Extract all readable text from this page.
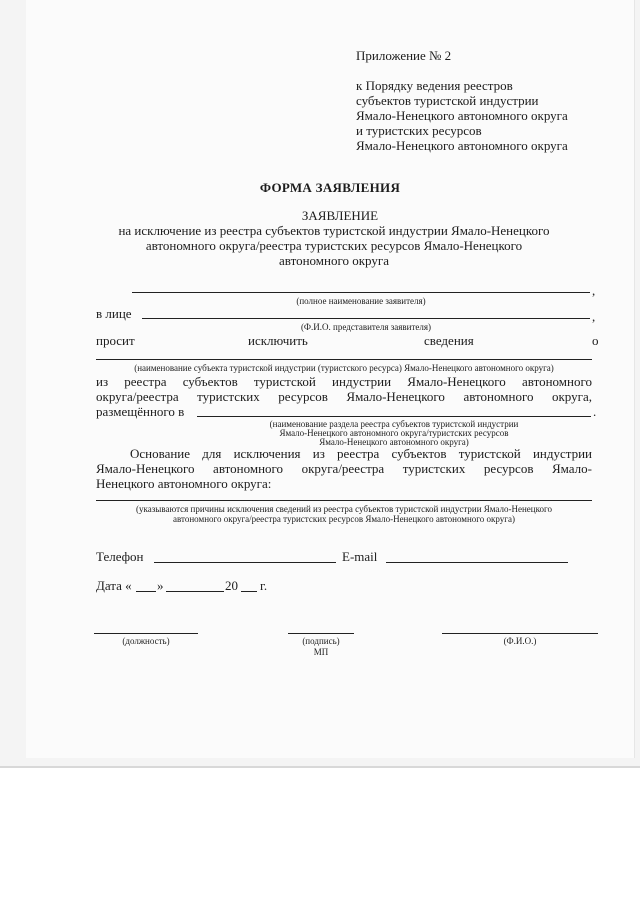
Приложение № 2
к Порядку ведения реестров
субъектов туристской индустрии
Ямало-Ненецкого автономного округа
и туристских ресурсов
Ямало-Ненецкого автономного округа
ФОРМА ЗАЯВЛЕНИЯ
ЗАЯВЛЕНИЕ
на исключение из реестра субъектов туристской индустрии Ямало-Ненецкого
автономного округа/реестра туристских ресурсов Ямало-Ненецкого
автономного округа
,
(полное наименование заявителя)
в лице	,
(Ф.И.О. представителя заявителя)
просит	исключить	сведения	о
(наименование субъекта туристской индустрии (туристского ресурса) Ямало-Ненецкого автономного округа)
из реестра субъектов туристской индустрии Ямало-Ненецкого автономного
округа/реестра туристских ресурсов Ямало-Ненецкого автономного округа,
размещённого в	.
(наименование раздела реестра субъектов туристской индустрии
Ямало-Ненецкого автономного округа/туристских ресурсов
Ямало-Ненецкого автономного округа)
Основание для исключения из реестра субъектов туристской индустрии
Ямало-Ненецкого автономного округа/реестра туристских ресурсов Ямало-
Ненецкого автономного округа:
(указываются причины исключения сведений из реестра субъектов туристской индустрии Ямало-Ненецкого
автономного округа/реестра туристских ресурсов Ямало-Ненецкого автономного округа)
Телефон	E-mail
Дата « »	20 г.
(должность)	(подпись)
МП
(Ф.И.О.)
